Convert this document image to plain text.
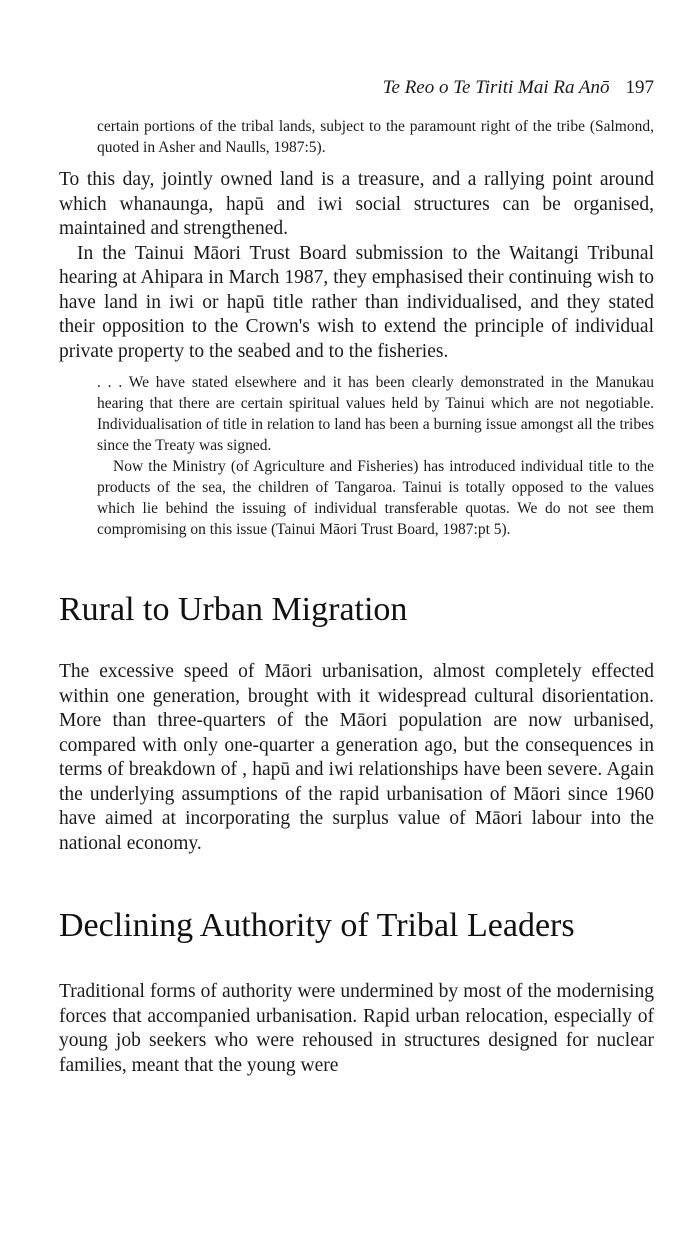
Te Reo o Te Tiriti Mai Ra Anō 197

certain portions of the tribal lands, subject to the paramount right of the tribe (Salmond, quoted in Asher and Naulls, 1987:5).

To this day, jointly owned land is a treasure, and a rallying point around which whanaunga, hapū and iwi social structures can be organised, maintained and strengthened.

In the Tainui Māori Trust Board submission to the Waitangi Tribunal hearing at Ahipara in March 1987, they emphasised their continuing wish to have land in iwi or hapū title rather than individualised, and they stated their opposition to the Crown's wish to extend the principle of individual private property to the seabed and to the fisheries.

. . . We have stated elsewhere and it has been clearly demonstrated in the Manukau hearing that there are certain spiritual values held by Tainui which are not negotiable. Individualisation of title in relation to land has been a burning issue amongst all the tribes since the Treaty was signed.

Now the Ministry (of Agriculture and Fisheries) has introduced individual title to the products of the sea, the children of Tangaroa. Tainui is totally opposed to the values which lie behind the issuing of individual transferable quotas. We do not see them compromising on this issue (Tainui Māori Trust Board, 1987:pt 5).

Rural to Urban Migration

The excessive speed of Māori urbanisation, almost completely effected within one generation, brought with it widespread cultural disorientation. More than three-quarters of the Māori population are now urbanised, compared with only one-quarter a generation ago, but the consequences in terms of breakdown of , hapū and iwi relationships have been severe. Again the underlying assumptions of the rapid urbanisation of Māori since 1960 have aimed at incorporating the surplus value of Māori labour into the national economy.

Declining Authority of Tribal Leaders

Traditional forms of authority were undermined by most of the modernising forces that accompanied urbanisation. Rapid urban relocation, especially of young job seekers who were rehoused in structures designed for nuclear families, meant that the young were
